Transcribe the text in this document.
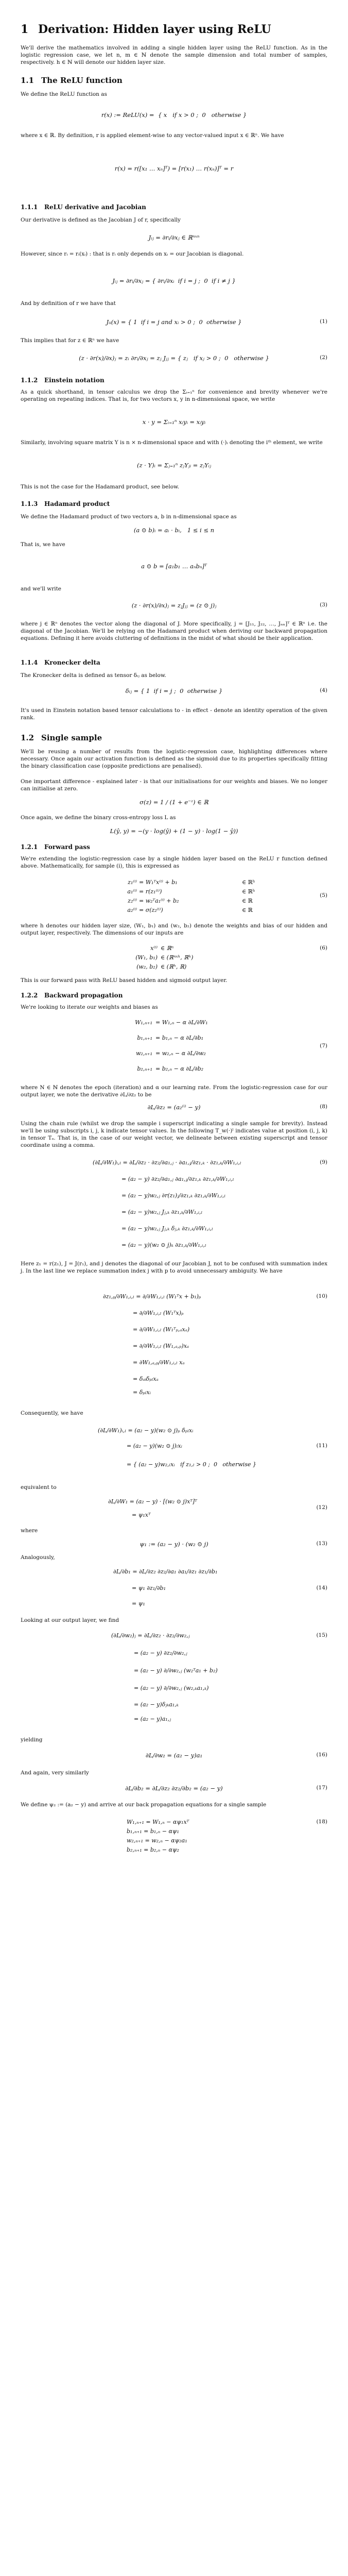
1 Derivation: Hidden layer using ReLU
We'll derive the mathematics involved in adding a single hidden layer using the ReLU function. As in the logistic regression case, we let n, m ∈ ℕ denote the sample dimension and total number of samples, respectively. h ∈ ℕ will denote our hidden layer size.
1.1 The ReLU function
We define the ReLU function as
r(x) := ReLU(x) =  { x   if x > 0 ;  0   otherwise }
where x ∈ ℝ. By definition, r is applied element-wise to any vector-valued input x ∈ ℝⁿ. We have
r(x) = r([x₁ … xₙ]ᵀ) = [r(x₁) … r(xₙ)]ᵀ = r
1.1.1 ReLU derivative and Jacobian
Our derivative is defined as the Jacobian J of r, specifically
Jᵢⱼ = ∂rᵢ/∂xⱼ ∈ ℝⁿˣⁿ
However, since rᵢ = rᵢ(xᵢ) : that is rᵢ only depends on xᵢ = our Jacobian is diagonal.
Jᵢⱼ = ∂rᵢ/∂xⱼ = { ∂rᵢ/∂xᵢ  if i = j ;  0  if i ≠ j }
And by definition of r we have that
Jᵢᵢ(x) = { 1  if i = j and xᵢ > 0 ;  0  otherwise }	(1)
This implies that for z ∈ ℝⁿ we have
(z · ∂r(x)/∂x)ⱼ = zᵢ ∂rᵢ/∂xⱼ = zⱼ Jⱼⱼ = { zⱼ   if xⱼ > 0 ;  0   otherwise }	(2)
1.1.2 Einstein notation
As a quick shorthand, in tensor calculus we drop the Σᵢ₌₁ⁿ for convenience and brevity whenever we're operating on repeating indices. That is, for two vectors x, y in n-dimensional space, we write
x · y = Σᵢ₌₁ⁿ xᵢyᵢ = xᵢyᵢ
Similarly, involving square matrix Y is n × n-dimensional space and with (·)ᵢ denoting the iᵗʰ element, we write
(z · Y)ᵢ = Σⱼ₌₁ⁿ zⱼYⱼᵢ = zⱼYᵢⱼ
This is not the case for the Hadamard product, see below.
1.1.3 Hadamard product
We define the Hadamard product of two vectors a, b in n-dimensional space as
(a ⊙ b)ᵢ = aᵢ · bᵢ,   1 ≤ i ≤ n
That is, we have
a ⊙ b = [a₁b₁ … aₙbₙ]ᵀ
and we'll write
(z · ∂r(x)/∂x)ⱼ = zⱼJⱼⱼ = (z ⊙ j)ⱼ	(3)
where j ∈ ℝⁿ denotes the vector along the diagonal of J. More specifically, j = [J₁₁, J₂₂, …, Jₙₙ]ᵀ ∈ ℝⁿ i.e. the diagonal of the Jacobian. We'll be relying on the Hadamard product when deriving our backward propagation equations. Defining it here avoids cluttering of definitions in the midst of what should be their application.
1.1.4 Kronecker delta
The Kronecker delta is defined as tensor δᵢⱼ as below.
δᵢⱼ = { 1  if i = j ;  0  otherwise }	(4)
It's used in Einstein notation based tensor calculations to - in effect - denote an identity operation of the given rank.
1.2 Single sample
We'll be reusing a number of results from the logistic-regression case, highlighting differences where necessary. Once again our activation function is defined as the sigmoid due to its properties specifically fitting the binary classification case (opposite predictions are penalised).
One important difference - explained later - is that our initialisations for our weights and biases. We no longer can initialise at zero.
σ(z) = 1 / (1 + e⁻ᶻ) ∈ ℝ
Once again, we define the binary cross-entropy loss L as
L(ŷ, y) = −(y · log(ŷ) + (1 − y) · log(1 − ŷ))
1.2.1 Forward pass
We're extending the logistic-regression case by a single hidden layer based on the ReLU r function defined above. Mathematically, for sample (i), this is expressed as
z₁⁽ⁱ⁾ = W₁ᵀx⁽ⁱ⁾ + b₁	∈ ℝʰ
a₁⁽ⁱ⁾ = r(z₁⁽ⁱ⁾)	∈ ℝʰ
z₂⁽ⁱ⁾ = w₂ᵀa₁⁽ⁱ⁾ + b₂	∈ ℝ
a₂⁽ⁱ⁾ = σ(z₂⁽ⁱ⁾)	∈ ℝ
(5)
where h denotes our hidden layer size, (W₁, b₁) and (w₂, b₂) denote the weights and bias of our hidden and output layer, respectively. The dimensions of our inputs are
x⁽ⁱ⁾ ∈ ℝⁿ
(W₁, b₁) ∈ (ℝⁿˣʰ, ℝʰ)
(w₂, b₂) ∈ (ℝʰ, ℝ)
(6)
This is our forward pass with ReLU based hidden and sigmoid output layer.
1.2.2 Backward propagation
We're looking to iterate our weights and biases as
W₁,ₙ₊₁ = W₁,ₙ − α ∂L/∂W₁
b₁,ₙ₊₁ = b₁,ₙ − α ∂L/∂b₁
w₂,ₙ₊₁ = w₂,ₙ − α ∂L/∂w₂
b₂,ₙ₊₁ = b₂,ₙ − α ∂L/∂b₂
(7)
where N ∈ ℕ denotes the epoch (iteration) and α our learning rate. From the logistic-regression case for our output layer, we note the derivative ∂L/∂z₂ to be
∂L/∂z₂ = (a₂⁽ⁱ⁾ − y)	(8)
Using the chain rule (whilst we drop the sample i superscript indicating a single sample for brevity). Instead we'll be using subscripts i, j, k indicate tensor values. In the following T_w(·)ˡ indicates value at position (i, j, k) in tensor Tₐ. That is, in the case of our weight vector, we delineate between existing superscript and tensor coordinate using a comma.
(∂L/∂W₁)ᵢ,ₗ = ∂L/∂z₂ · ∂z₂/∂a₁,ⱼ · ∂a₁,ⱼ/∂z₁,ₖ · ∂z₁,ₖ/∂W₁,ᵢ,ₗ
= (a₂ − y) ∂z₂/∂a₁,ⱼ ∂a₁,ⱼ/∂z₁,ₖ ∂z₁,ₖ/∂W₁,ᵢ,ₗ
= (a₂ − y)w₂,ⱼ ∂r(z₁)ⱼ/∂z₁,ₖ ∂z₁,ₖ/∂W₁,ᵢ,ₗ
= (a₂ − y)w₂,ⱼ Jⱼ,ₖ ∂z₁,ₖ/∂W₁,ᵢ,ₗ
= (a₂ − y)w₂,ⱼ Jⱼ,ₖ δⱼ,ₖ ∂z₁,ₖ/∂W₁,ᵢ,ₗ
= (a₂ − y)(w₂ ⊙ j)ₖ ∂z₁,ₖ/∂W₁,ᵢ,ₗ
(9)
Here z₁ = r(z₁), J = J(r₁), and j denotes the diagonal of our Jacobian J, not to be confused with summation index j. In the last line we replace summation index j with p to avoid unnecessary ambiguity. We have
∂z₁,ₚ/∂W₁,ᵢ,ₗ = ∂/∂W₁,ᵢ,ₗ (W₁ᵀx + b₁)ₚ
= ∂/∂W₁,ᵢ,ₗ (W₁ᵀx)ₚ
= ∂/∂W₁,ᵢ,ₗ (W₁ᵀₚ,ₐxₐ)
= ∂/∂W₁,ᵢ,ₗ (W₁,ₐ,ₚ)xₐ
= ∂W₁,ₐ,ₚ/∂W₁,ᵢ,ₗ xₐ
= δₐᵢδₚₗxₐ
= δₚₗxᵢ
(10)
Consequently, we have
(∂L/∂W₁)ᵢ,ₗ = (a₂ − y)(w₂ ⊙ j)ₚ δₚₗxᵢ
= (a₂ − y)(w₂ ⊙ j)ₗxᵢ
= { (a₂ − y)w₂,ₗxᵢ   if z₁,ₗ > 0 ;  0   otherwise }
(11)
equivalent to
∂L/∂W₁ = (a₂ − y) · [(w₂ ⊙ j)xᵀ]ᵀ
= ψ₁xᵀ
(12)
where
ψ₁ := (a₂ − y) · (w₂ ⊙ j)	(13)
Analogously,
∂L/∂b₁ = ∂L/∂z₂ ∂z₂/∂a₁ ∂a₁/∂z₁ ∂z₁/∂b₁
= ψ₁ ∂z₁/∂b₁
= ψ₁
(14)
Looking at our output layer, we find
(∂L/∂w₂)ⱼ = ∂L/∂z₂ · ∂z₂/∂w₂,ⱼ
= (a₂ − y) ∂z₂/∂w₂,ⱼ
= (a₂ − y) ∂/∂w₂,ⱼ (w₂ᵀa₁ + b₂)
= (a₂ − y) ∂/∂w₂,ⱼ (w₂,ₖa₁,ₖ)
= (a₂ − y)δⱼₖa₁,ₖ
= (a₂ − y)a₁,ⱼ
(15)
yielding
∂L/∂w₂ = (a₂ − y)a₁	(16)
And again, very similarly
∂L/∂b₂ = ∂L/∂z₂ ∂z₂/∂b₂ = (a₂ − y)	(17)
We define ψ₂ := (a₂ − y) and arrive at our back propagation equations for a single sample
W₁,ₙ₊₁ = W₁,ₙ − αψ₁xᵀ
b₁,ₙ₊₁ = b₁,ₙ − αψ₁
w₂,ₙ₊₁ = w₂,ₙ − αψ₂a₁
b₂,ₙ₊₁ = b₂,ₙ − αψ₂
(18)
